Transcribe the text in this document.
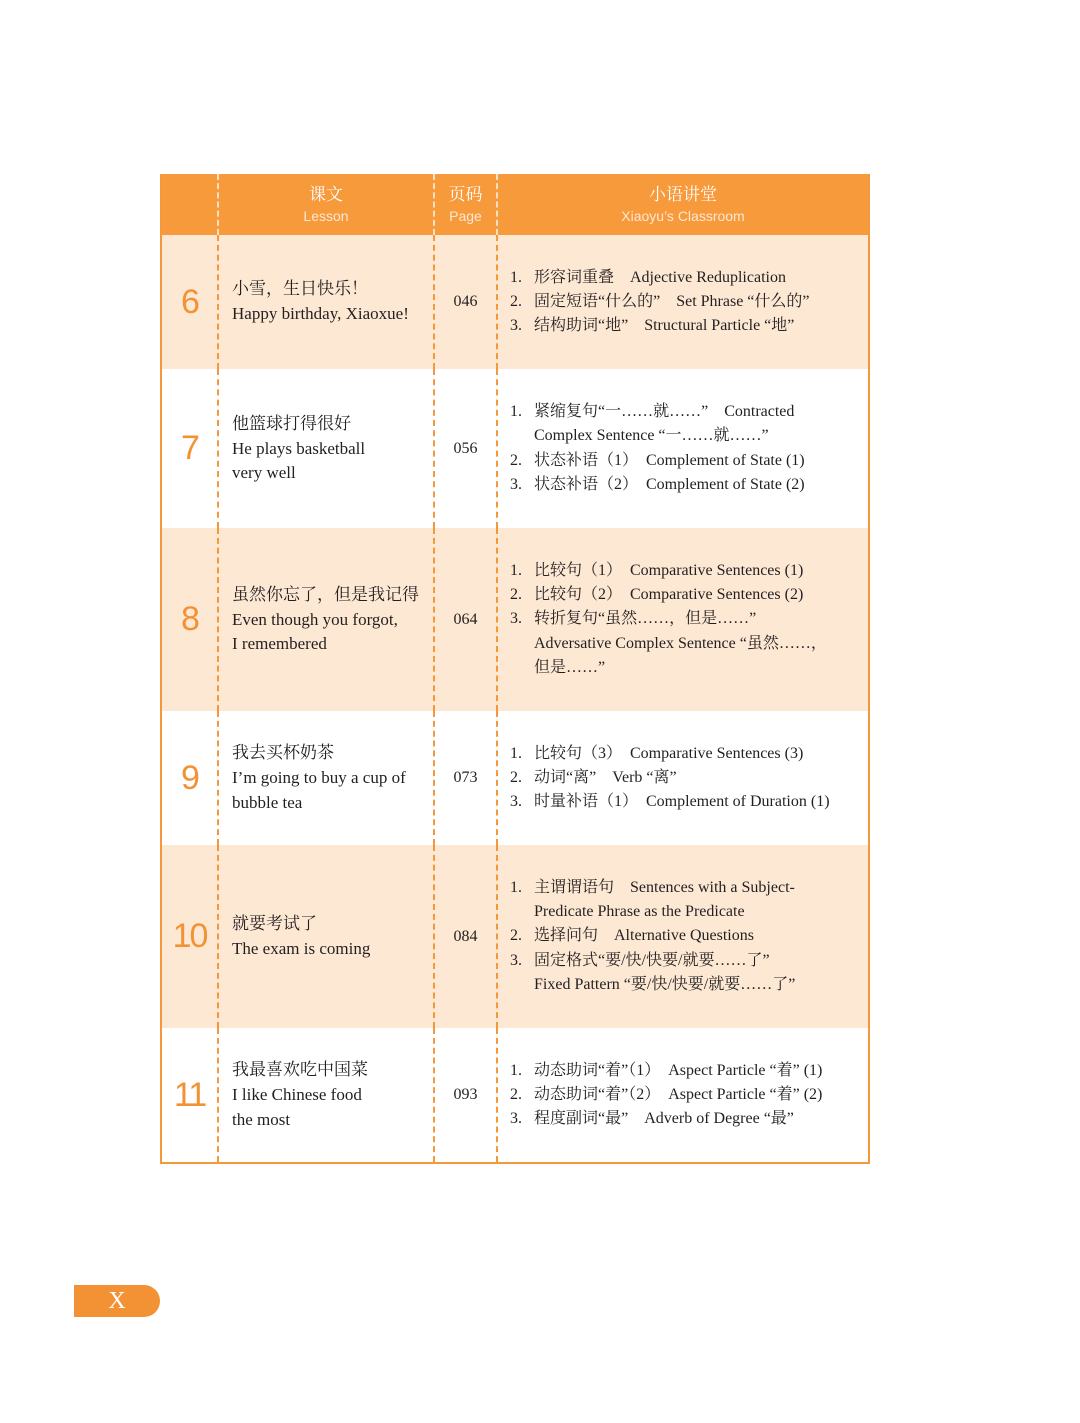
课文
Lesson
页码
Page
小语讲堂
Xiaoyu’s Classroom
6	小雪，生日快乐！
Happy birthday, Xiaoxue!
046
1. 形容词重叠　Adjective Reduplication
2. 固定短语“什么的”　Set Phrase “什么的”
3. 结构助词“地”　Structural Particle “地”
7
他篮球打得很好
He plays basketball
very well
056
1. 紧缩复句“一……就……”　Contracted
Complex Sentence “一……就……”
2. 状态补语（1）　Complement of State (1)
3. 状态补语（2）　Complement of State (2)
8
虽然你忘了，但是我记得
Even though you forgot,
I remembered
064
1. 比较句（1）　Comparative Sentences (1)
2. 比较句（2）　Comparative Sentences (2)
3. 转折复句“虽然……，但是……”
Adversative Complex Sentence “虽然……，
但是……”
9
我去买杯奶茶
I’m going to buy a cup of
bubble tea
073
1. 比较句（3）　Comparative Sentences (3)
2. 动词“离”　Verb “离”
3. 时量补语（1）　Complement of Duration (1)
10	就要考试了
The exam is coming
084
1. 主谓谓语句　Sentences with a Subject-
Predicate Phrase as the Predicate
2. 选择问句　Alternative Questions
3. 固定格式“要/快/快要/就要……了”
Fixed Pattern “要/快/快要/就要……了”
11
我最喜欢吃中国菜
I like Chinese food
the most
093
1. 动态助词“着”（1）　Aspect Particle “着” (1)
2. 动态助词“着”（2）　Aspect Particle “着” (2)
3. 程度副词“最”　Adverb of Degree “最”
X
